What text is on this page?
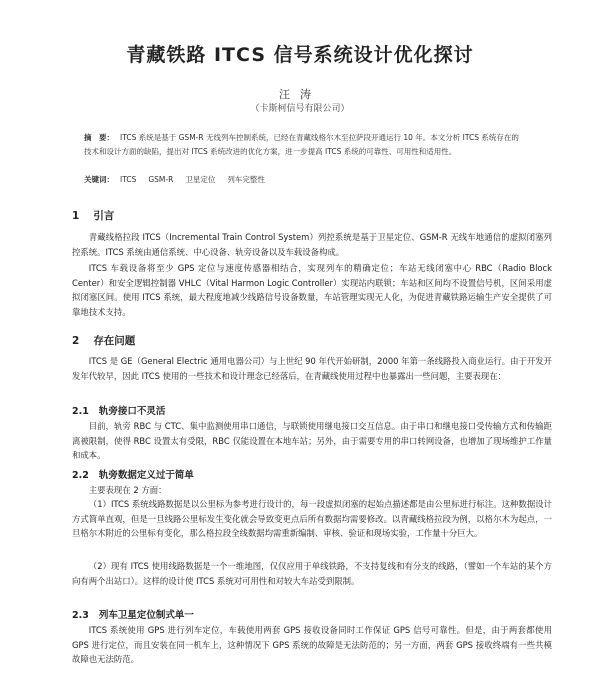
青藏铁路 ITCS 信号系统设计优化探讨
汪涛
（卡斯柯信号有限公司）
摘　要： ITCS 系统是基于 GSM-R 无线列车控制系统，已经在青藏线格尔木至拉萨段开通运行 10 年。本文分析 ITCS 系统存在的技术和设计方面的缺陷，提出对 ITCS 系统改进的优化方案，进一步提高 ITCS 系统的可靠性、可用性和适用性。
关键词： ITCS GSM-R 卫星定位 列车完整性
1 引言

青藏线格拉段 ITCS（Incremental Train Control System）列控系统是基于卫星定位、GSM-R 无线车地通信的虚拟闭塞列控系统。ITCS 系统由通信系统、中心设备、轨旁设备以及车载设备构成。

ITCS 车载设备将至少 GPS 定位与速度传感器相结合，实现列车的精确定位；车站无线闭塞中心 RBC（Radio Block Center）和安全逻辑控制器 VHLC（Vital Harmon Logic Controller）实现站内联锁；车站和区间均不设置信号机，区间采用虚拟闭塞区间。使用 ITCS 系统，最大程度地减少线路信号设备数量，车站管理实现无人化，为促进青藏铁路运输生产安全提供了可靠地技术支持。

2 存在问题

ITCS 是 GE（General Electric 通用电器公司）与上世纪 90 年代开始研制，2000 年第一条线路投入商业运行。由于开发开发年代较早，因此 ITCS 使用的一些技术和设计理念已经落后，在青藏线使用过程中也暴露出一些问题，主要表现在：

2.1 轨旁接口不灵活

目前，轨旁 RBC 与 CTC、集中监测使用串口通信，与联锁使用继电接口交互信息。由于串口和继电接口受传输方式和传输距离被限制，使得 RBC 设置太有受限，RBC 仅能设置在本地车站；另外，由于需要专用的串口转网设备，也增加了现场维护工作量和成本。

2.2 轨旁数据定义过于简单

主要表现在 2 方面：

（1）ITCS 系统线路数据是以公里标为参考进行设计的，每一段虚拟闭塞的起始点描述都是由公里标进行标注。这种数据设计方式简单直观，但是一旦线路公里标发生变化就会导致变更点后所有数据均需要修改。以青藏线格拉段为例，以格尔木为起点，一旦格尔木附近的公里标有变化，那么格拉段全线数据均需重新编制、审核、验证和现场实验，工作量十分巨大。

（2）现有 ITCS 使用线路数据是一个一维地图，仅仅应用于单线铁路，不支持复线和有分支的线路，（譬如一个车站的某个方向有两个出站口）。这样的设计使 ITCS 系统对可用性和对较大车站受到限制。

2.3 列车卫星定位制式单一

ITCS 系统使用 GPS 进行列车定位，车载使用两套 GPS 接收设备同时工作保证 GPS 信号可靠性。但是，由于两套都使用 GPS 进行定位，而且安装在同一机车上，这种情况下 GPS 系统的故障是无法防范的；另一方面，两套 GPS 接收终端有一些共模故障也无法防范。
